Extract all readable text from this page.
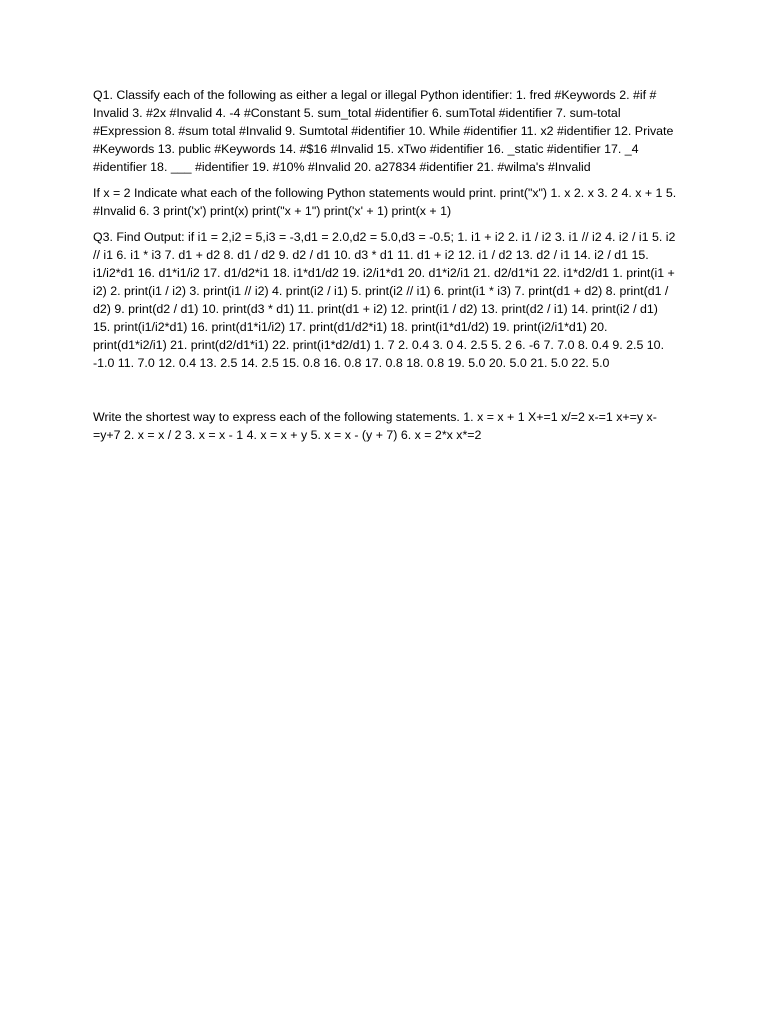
Q1. Classify each of the following as either a legal or illegal Python identifier: 1. fred #Keywords 2. #if # Invalid 3. #2x #Invalid 4. -4 #Constant 5. sum_total #identifier 6. sumTotal #identifier 7. sum-total #Expression 8. #sum total #Invalid 9. Sumtotal #identifier 10. While #identifier 11. x2 #identifier 12. Private #Keywords 13. public #Keywords 14. #$16 #Invalid 15. xTwo #identifier 16. _static #identifier 17. _4 #identifier 18. ___ #identifier 19. #10% #Invalid 20. a27834 #identifier 21. #wilma's #Invalid

If x = 2 Indicate what each of the following Python statements would print. print("x") 1. x 2. x 3. 2 4. x + 1 5. #Invalid 6. 3 print('x') print(x) print("x + 1") print('x' + 1) print(x + 1)

Q3. Find Output: if i1 = 2,i2 = 5,i3 = -3,d1 = 2.0,d2 = 5.0,d3 = -0.5; 1. i1 + i2 2. i1 / i2 3. i1 // i2 4. i2 / i1 5. i2 // i1 6. i1 * i3 7. d1 + d2 8. d1 / d2 9. d2 / d1 10. d3 * d1 11. d1 + i2 12. i1 / d2 13. d2 / i1 14. i2 / d1 15. i1/i2*d1 16. d1*i1/i2 17. d1/d2*i1 18. i1*d1/d2 19. i2/i1*d1 20. d1*i2/i1 21. d2/d1*i1 22. i1*d2/d1 1. print(i1 + i2) 2. print(i1 / i2) 3. print(i1 // i2) 4. print(i2 / i1) 5. print(i2 // i1) 6. print(i1 * i3) 7. print(d1 + d2) 8. print(d1 / d2) 9. print(d2 / d1) 10. print(d3 * d1) 11. print(d1 + i2) 12. print(i1 / d2) 13. print(d2 / i1) 14. print(i2 / d1) 15. print(i1/i2*d1) 16. print(d1*i1/i2) 17. print(d1/d2*i1) 18. print(i1*d1/d2) 19. print(i2/i1*d1) 20. print(d1*i2/i1) 21. print(d2/d1*i1) 22. print(i1*d2/d1) 1. 7 2. 0.4 3. 0 4. 2.5 5. 2 6. -6 7. 7.0 8. 0.4 9. 2.5 10. -1.0 11. 7.0 12. 0.4 13. 2.5 14. 2.5 15. 0.8 16. 0.8 17. 0.8 18. 0.8 19. 5.0 20. 5.0 21. 5.0 22. 5.0

Write the shortest way to express each of the following statements. 1. x = x + 1 X+=1 x/=2 x-=1 x+=y x-=y+7 2. x = x / 2 3. x = x - 1 4. x = x + y 5. x = x - (y + 7) 6. x = 2*x x*=2
